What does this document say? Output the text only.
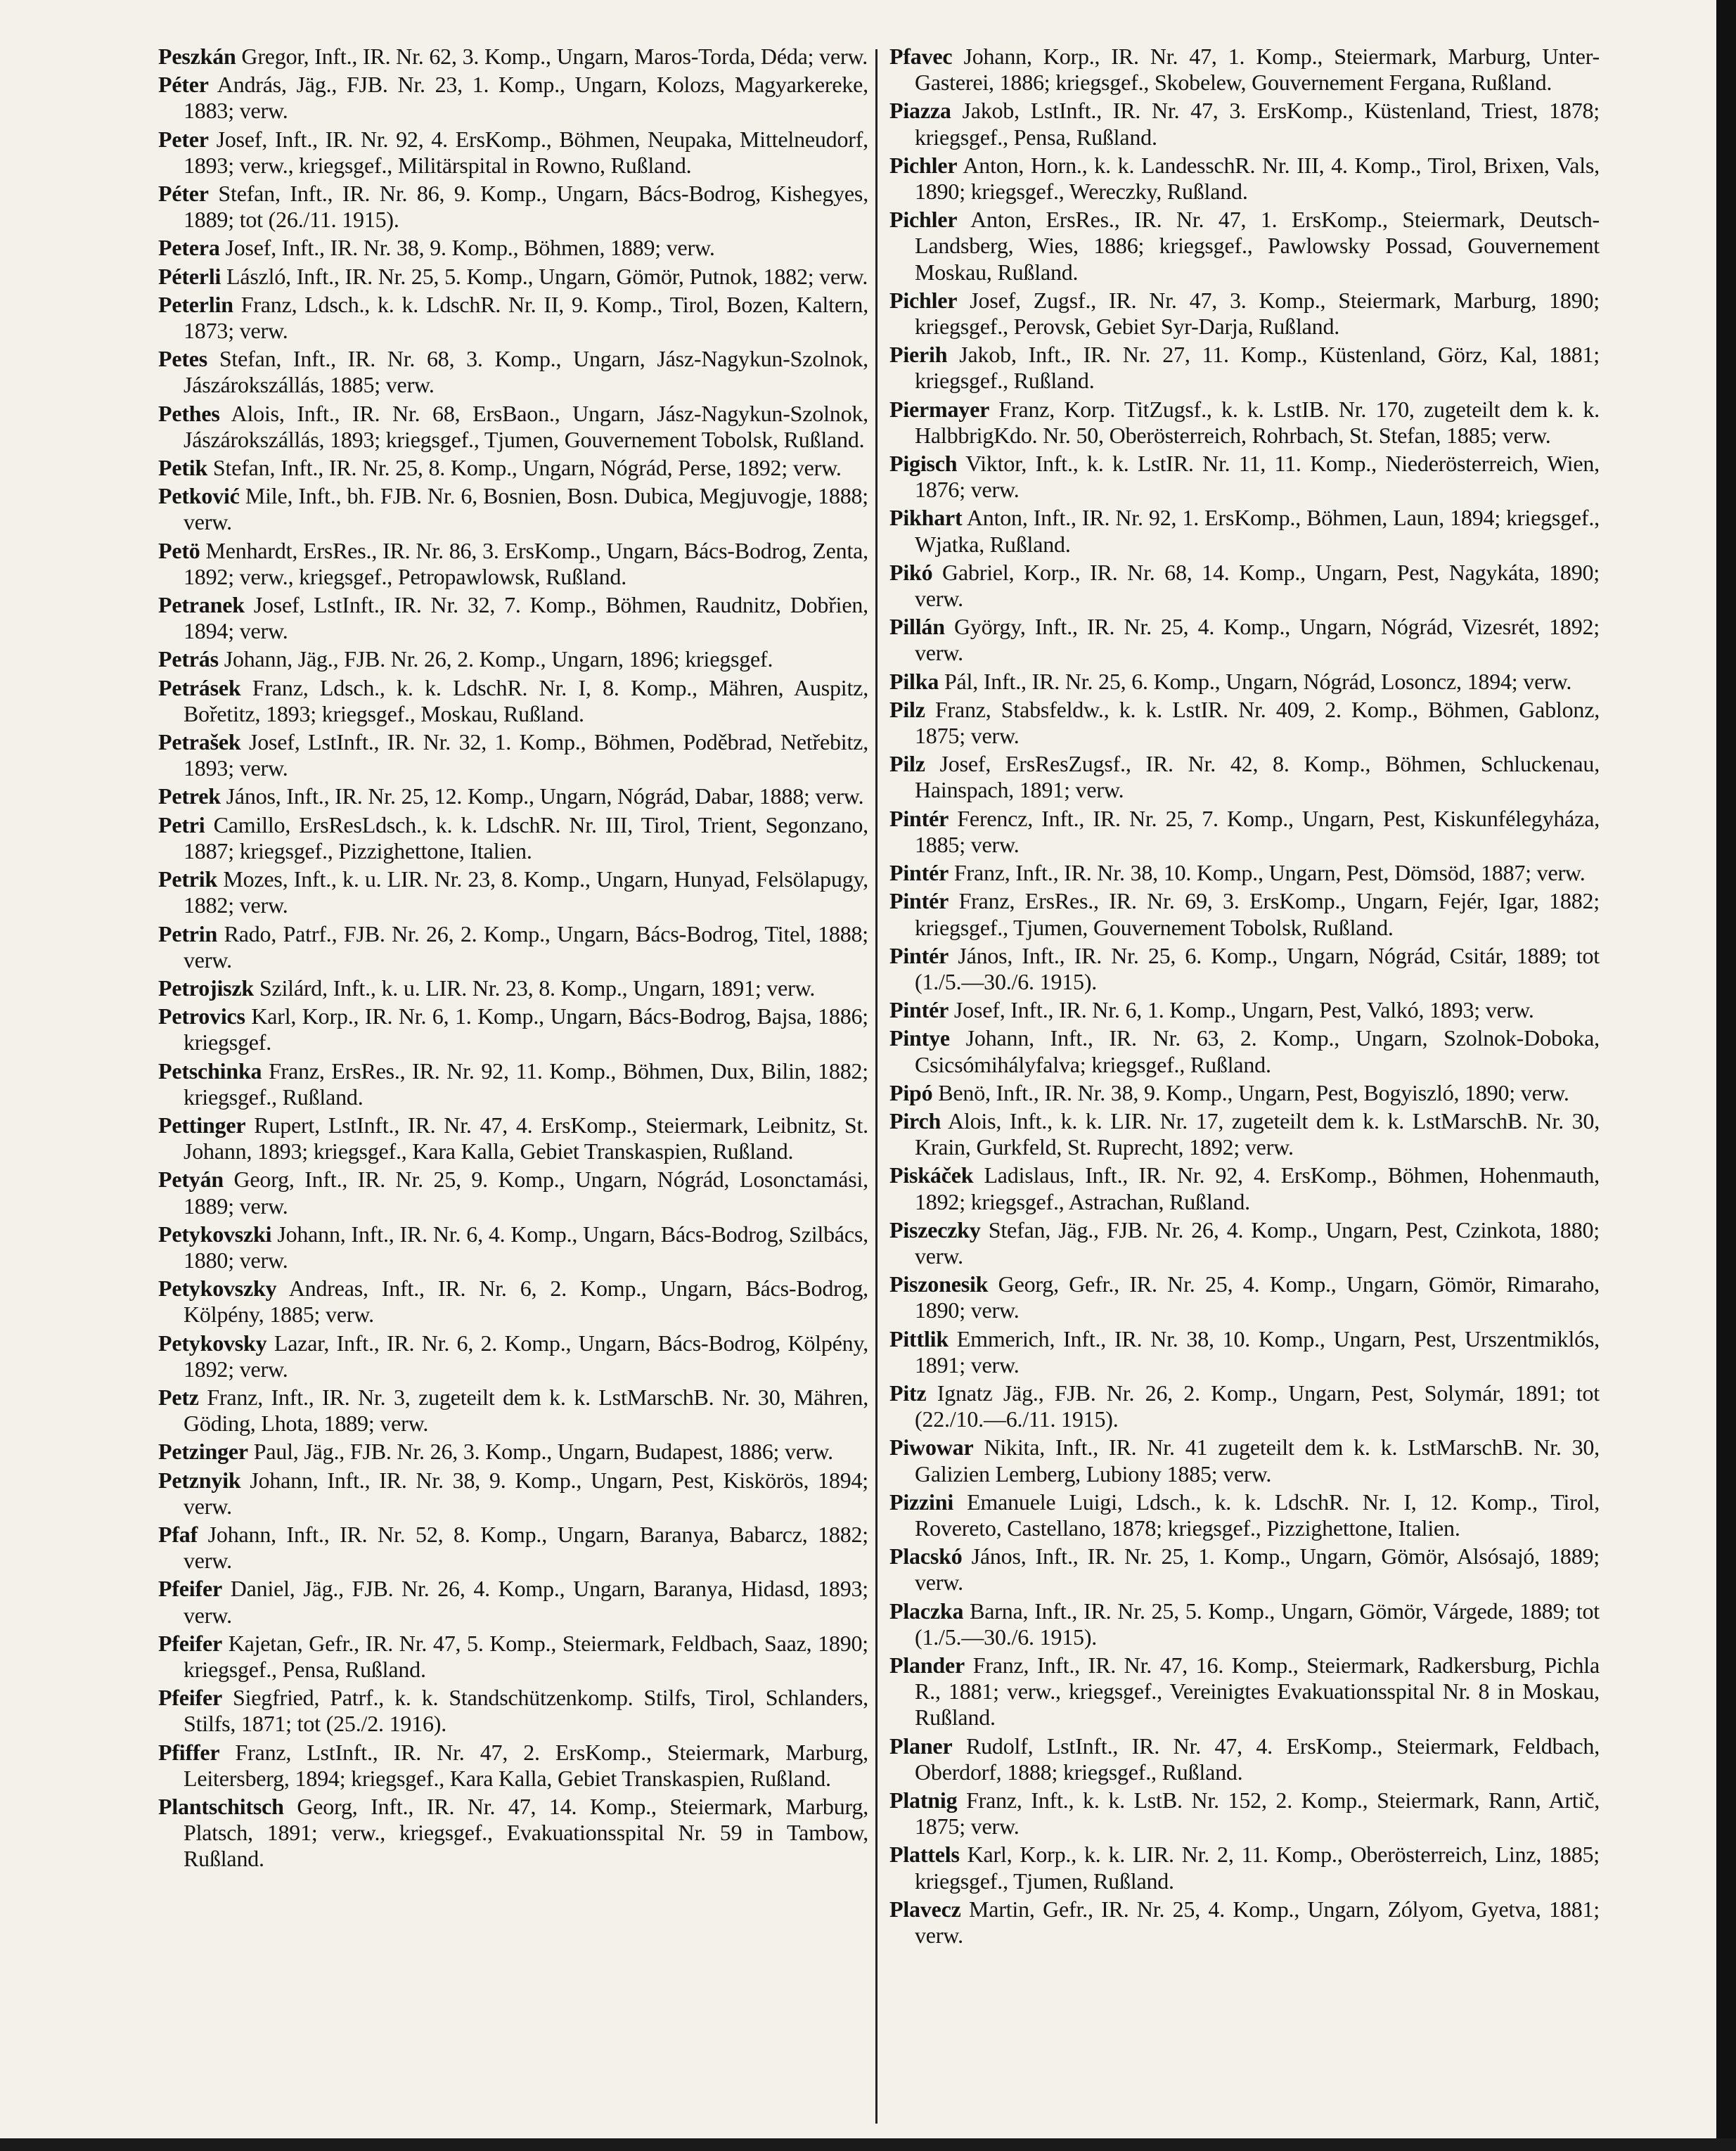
Peszkán Gregor, Inft., IR. Nr. 62, 3. Komp., Ungarn, Maros-Torda, Déda; verw.

Péter András, Jäg., FJB. Nr. 23, 1. Komp., Ungarn, Kolozs, Magyarkereke, 1883; verw.

Peter Josef, Inft., IR. Nr. 92, 4. ErsKomp., Böhmen, Neupaka, Mittelneudorf, 1893; verw., kriegsgef., Militärspital in Rowno, Rußland.

Péter Stefan, Inft., IR. Nr. 86, 9. Komp., Ungarn, Bács-Bodrog, Kishegyes, 1889; tot (26./11. 1915).

Petera Josef, Inft., IR. Nr. 38, 9. Komp., Böhmen, 1889; verw.

Péterli László, Inft., IR. Nr. 25, 5. Komp., Ungarn, Gömör, Putnok, 1882; verw.

Peterlin Franz, Ldsch., k. k. LdschR. Nr. II, 9. Komp., Tirol, Bozen, Kaltern, 1873; verw.

Petes Stefan, Inft., IR. Nr. 68, 3. Komp., Ungarn, Jász-Nagykun-Szolnok, Jászárokszállás, 1885; verw.

Pethes Alois, Inft., IR. Nr. 68, ErsBaon., Ungarn, Jász-Nagykun-Szolnok, Jászárokszállás, 1893; kriegsgef., Tjumen, Gouvernement Tobolsk, Rußland.

Petik Stefan, Inft., IR. Nr. 25, 8. Komp., Ungarn, Nógrád, Perse, 1892; verw.

Petković Mile, Inft., bh. FJB. Nr. 6, Bosnien, Bosn. Dubica, Megjuvogje, 1888; verw.

Petö Menhardt, ErsRes., IR. Nr. 86, 3. ErsKomp., Ungarn, Bács-Bodrog, Zenta, 1892; verw., kriegsgef., Petropawlowsk, Rußland.

Petranek Josef, LstInft., IR. Nr. 32, 7. Komp., Böhmen, Raudnitz, Dobřien, 1894; verw.

Petrás Johann, Jäg., FJB. Nr. 26, 2. Komp., Ungarn, 1896; kriegsgef.

Petrásek Franz, Ldsch., k. k. LdschR. Nr. I, 8. Komp., Mähren, Auspitz, Bořetitz, 1893; kriegsgef., Moskau, Rußland.

Petrašek Josef, LstInft., IR. Nr. 32, 1. Komp., Böhmen, Poděbrad, Netřebitz, 1893; verw.

Petrek János, Inft., IR. Nr. 25, 12. Komp., Ungarn, Nógrád, Dabar, 1888; verw.

Petri Camillo, ErsResLdsch., k. k. LdschR. Nr. III, Tirol, Trient, Segonzano, 1887; kriegsgef., Pizzighettone, Italien.

Petrik Mozes, Inft., k. u. LIR. Nr. 23, 8. Komp., Ungarn, Hunyad, Felsölapugy, 1882; verw.

Petrin Rado, Patrf., FJB. Nr. 26, 2. Komp., Ungarn, Bács-Bodrog, Titel, 1888; verw.

Petrojiszk Szilárd, Inft., k. u. LIR. Nr. 23, 8. Komp., Ungarn, 1891; verw.

Petrovics Karl, Korp., IR. Nr. 6, 1. Komp., Ungarn, Bács-Bodrog, Bajsa, 1886; kriegsgef.

Petschinka Franz, ErsRes., IR. Nr. 92, 11. Komp., Böhmen, Dux, Bilin, 1882; kriegsgef., Rußland.

Pettinger Rupert, LstInft., IR. Nr. 47, 4. ErsKomp., Steiermark, Leibnitz, St. Johann, 1893; kriegsgef., Kara Kalla, Gebiet Transkaspien, Rußland.

Petyán Georg, Inft., IR. Nr. 25, 9. Komp., Ungarn, Nógrád, Losonctamási, 1889; verw.

Petykovszki Johann, Inft., IR. Nr. 6, 4. Komp., Ungarn, Bács-Bodrog, Szilbács, 1880; verw.

Petykovszky Andreas, Inft., IR. Nr. 6, 2. Komp., Ungarn, Bács-Bodrog, Kölpény, 1885; verw.

Petykovsky Lazar, Inft., IR. Nr. 6, 2. Komp., Ungarn, Bács-Bodrog, Kölpény, 1892; verw.

Petz Franz, Inft., IR. Nr. 3, zugeteilt dem k. k. LstMarschB. Nr. 30, Mähren, Göding, Lhota, 1889; verw.

Petzinger Paul, Jäg., FJB. Nr. 26, 3. Komp., Ungarn, Budapest, 1886; verw.

Petznyik Johann, Inft., IR. Nr. 38, 9. Komp., Ungarn, Pest, Kiskörös, 1894; verw.

Pfaf Johann, Inft., IR. Nr. 52, 8. Komp., Ungarn, Baranya, Babarcz, 1882; verw.

Pfeifer Daniel, Jäg., FJB. Nr. 26, 4. Komp., Ungarn, Baranya, Hidasd, 1893; verw.

Pfeifer Kajetan, Gefr., IR. Nr. 47, 5. Komp., Steiermark, Feldbach, Saaz, 1890; kriegsgef., Pensa, Rußland.

Pfeifer Siegfried, Patrf., k. k. Standschützenkomp. Stilfs, Tirol, Schlanders, Stilfs, 1871; tot (25./2. 1916).

Pfiffer Franz, LstInft., IR. Nr. 47, 2. ErsKomp., Steiermark, Marburg, Leitersberg, 1894; kriegsgef., Kara Kalla, Gebiet Transkaspien, Rußland.

Plantschitsch Georg, Inft., IR. Nr. 47, 14. Komp., Steiermark, Marburg, Platsch, 1891; verw., kriegsgef., Evakuationsspital Nr. 59 in Tambow, Rußland.

Pfavec Johann, Korp., IR. Nr. 47, 1. Komp., Steiermark, Marburg, Unter-Gasterei, 1886; kriegsgef., Skobelew, Gouvernement Fergana, Rußland.

Piazza Jakob, LstInft., IR. Nr. 47, 3. ErsKomp., Küstenland, Triest, 1878; kriegsgef., Pensa, Rußland.

Pichler Anton, Horn., k. k. LandesschR. Nr. III, 4. Komp., Tirol, Brixen, Vals, 1890; kriegsgef., Wereczky, Rußland.

Pichler Anton, ErsRes., IR. Nr. 47, 1. ErsKomp., Steiermark, Deutsch-Landsberg, Wies, 1886; kriegsgef., Pawlowsky Possad, Gouvernement Moskau, Rußland.

Pichler Josef, Zugsf., IR. Nr. 47, 3. Komp., Steiermark, Marburg, 1890; kriegsgef., Perovsk, Gebiet Syr-Darja, Rußland.

Pierih Jakob, Inft., IR. Nr. 27, 11. Komp., Küstenland, Görz, Kal, 1881; kriegsgef., Rußland.

Piermayer Franz, Korp. TitZugsf., k. k. LstIB. Nr. 170, zugeteilt dem k. k. HalbbrigKdo. Nr. 50, Oberösterreich, Rohrbach, St. Stefan, 1885; verw.

Pigisch Viktor, Inft., k. k. LstIR. Nr. 11, 11. Komp., Niederösterreich, Wien, 1876; verw.

Pikhart Anton, Inft., IR. Nr. 92, 1. ErsKomp., Böhmen, Laun, 1894; kriegsgef., Wjatka, Rußland.

Pikó Gabriel, Korp., IR. Nr. 68, 14. Komp., Ungarn, Pest, Nagykáta, 1890; verw.

Pillán György, Inft., IR. Nr. 25, 4. Komp., Ungarn, Nógrád, Vizesrét, 1892; verw.

Pilka Pál, Inft., IR. Nr. 25, 6. Komp., Ungarn, Nógrád, Losoncz, 1894; verw.

Pilz Franz, Stabsfeldw., k. k. LstIR. Nr. 409, 2. Komp., Böhmen, Gablonz, 1875; verw.

Pilz Josef, ErsResZugsf., IR. Nr. 42, 8. Komp., Böhmen, Schluckenau, Hainspach, 1891; verw.

Pintér Ferencz, Inft., IR. Nr. 25, 7. Komp., Ungarn, Pest, Kiskunfélegyháza, 1885; verw.

Pintér Franz, Inft., IR. Nr. 38, 10. Komp., Ungarn, Pest, Dömsöd, 1887; verw.

Pintér Franz, ErsRes., IR. Nr. 69, 3. ErsKomp., Ungarn, Fejér, Igar, 1882; kriegsgef., Tjumen, Gouvernement Tobolsk, Rußland.

Pintér János, Inft., IR. Nr. 25, 6. Komp., Ungarn, Nógrád, Csitár, 1889; tot (1./5.—30./6. 1915).

Pintér Josef, Inft., IR. Nr. 6, 1. Komp., Ungarn, Pest, Valkó, 1893; verw.

Pintye Johann, Inft., IR. Nr. 63, 2. Komp., Ungarn, Szolnok-Doboka, Csicsómihályfalva; kriegsgef., Rußland.

Pipó Benö, Inft., IR. Nr. 38, 9. Komp., Ungarn, Pest, Bogyiszló, 1890; verw.

Pirch Alois, Inft., k. k. LIR. Nr. 17, zugeteilt dem k. k. LstMarschB. Nr. 30, Krain, Gurkfeld, St. Ruprecht, 1892; verw.

Piskáček Ladislaus, Inft., IR. Nr. 92, 4. ErsKomp., Böhmen, Hohenmauth, 1892; kriegsgef., Astrachan, Rußland.

Piszeczky Stefan, Jäg., FJB. Nr. 26, 4. Komp., Ungarn, Pest, Czinkota, 1880; verw.

Piszonesik Georg, Gefr., IR. Nr. 25, 4. Komp., Ungarn, Gömör, Rimaraho, 1890; verw.

Pittlik Emmerich, Inft., IR. Nr. 38, 10. Komp., Ungarn, Pest, Urszentmiklós, 1891; verw.

Pitz Ignatz Jäg., FJB. Nr. 26, 2. Komp., Ungarn, Pest, Solymár, 1891; tot (22./10.—6./11. 1915).

Piwowar Nikita, Inft., IR. Nr. 41 zugeteilt dem k. k. LstMarschB. Nr. 30, Galizien Lemberg, Lubiony 1885; verw.

Pizzini Emanuele Luigi, Ldsch., k. k. LdschR. Nr. I, 12. Komp., Tirol, Rovereto, Castellano, 1878; kriegsgef., Pizzighettone, Italien.

Placskó János, Inft., IR. Nr. 25, 1. Komp., Ungarn, Gömör, Alsósajó, 1889; verw.

Placzka Barna, Inft., IR. Nr. 25, 5. Komp., Ungarn, Gömör, Várgede, 1889; tot (1./5.—30./6. 1915).

Plander Franz, Inft., IR. Nr. 47, 16. Komp., Steiermark, Radkersburg, Pichla R., 1881; verw., kriegsgef., Vereinigtes Evakuationsspital Nr. 8 in Moskau, Rußland.

Planer Rudolf, LstInft., IR. Nr. 47, 4. ErsKomp., Steiermark, Feldbach, Oberdorf, 1888; kriegsgef., Rußland.

Platnig Franz, Inft., k. k. LstB. Nr. 152, 2. Komp., Steiermark, Rann, Artič, 1875; verw.

Plattels Karl, Korp., k. k. LIR. Nr. 2, 11. Komp., Oberösterreich, Linz, 1885; kriegsgef., Tjumen, Rußland.

Plavecz Martin, Gefr., IR. Nr. 25, 4. Komp., Ungarn, Zólyom, Gyetva, 1881; verw.
